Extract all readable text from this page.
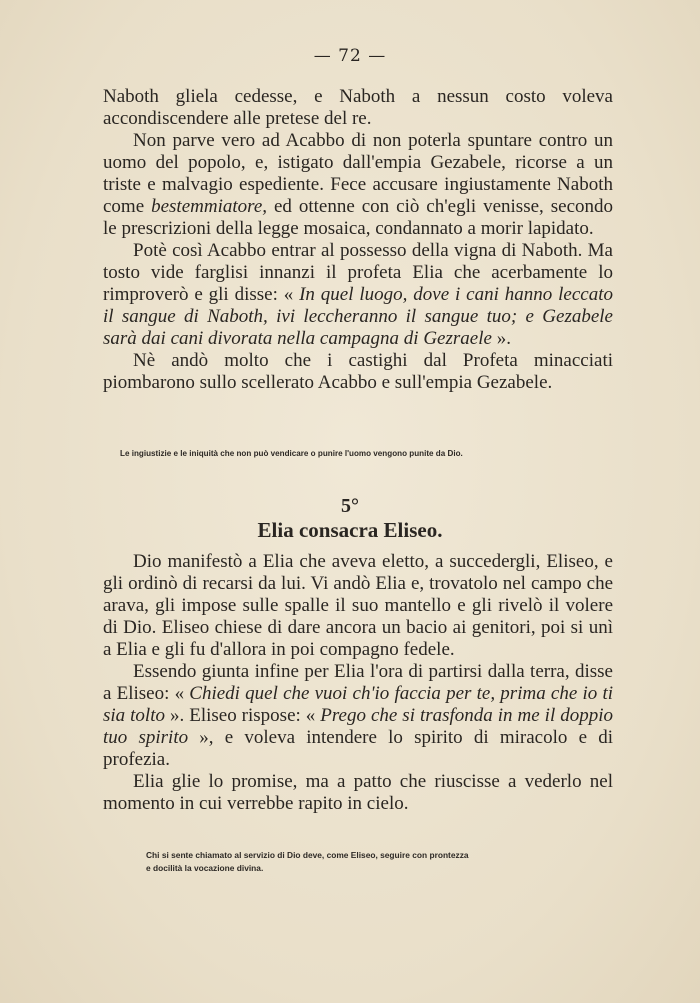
— 72 —

Naboth gliela cedesse, e Naboth a nessun costo voleva accondiscendere alle pretese del re.

Non parve vero ad Acabbo di non poterla spuntare contro un uomo del popolo, e, istigato dall'empia Gezabele, ricorse a un triste e malvagio espediente. Fece accusare ingiustamente Naboth come bestemmiatore, ed ottenne con ciò ch'egli venisse, secondo le prescrizioni della legge mosaica, condannato a morir lapidato.

Potè così Acabbo entrar al possesso della vigna di Naboth. Ma tosto vide farglisi innanzi il profeta Elia che acerbamente lo rimproverò e gli disse: « In quel luogo, dove i cani hanno leccato il sangue di Naboth, ivi leccheranno il sangue tuo; e Gezabele sarà dai cani divorata nella campagna di Gezraele ».

Nè andò molto che i castighi dal Profeta minacciati piombarono sullo scellerato Acabbo e sull'empia Gezabele.

Le ingiustizie e le iniquità che non può vendicare o punire l'uomo vengono punite da Dio.
5°
Elia consacra Eliseo.

Dio manifestò a Elia che aveva eletto, a succedergli, Eliseo, e gli ordinò di recarsi da lui. Vi andò Elia e, trovatolo nel campo che arava, gli impose sulle spalle il suo mantello e gli rivelò il volere di Dio. Eliseo chiese di dare ancora un bacio ai genitori, poi si unì a Elia e gli fu d'allora in poi compagno fedele.

Essendo giunta infine per Elia l'ora di partirsi dalla terra, disse a Eliseo: « Chiedi quel che vuoi ch'io faccia per te, prima che io ti sia tolto ». Eliseo rispose: « Prego che si trasfonda in me il doppio tuo spirito », e voleva intendere lo spirito di miracolo e di profezia.

Elia glie lo promise, ma a patto che riuscisse a vederlo nel momento in cui verrebbe rapito in cielo.

Chi si sente chiamato al servizio di Dio deve, come Eliseo, seguire con prontezza
e docilità la vocazione divina.
